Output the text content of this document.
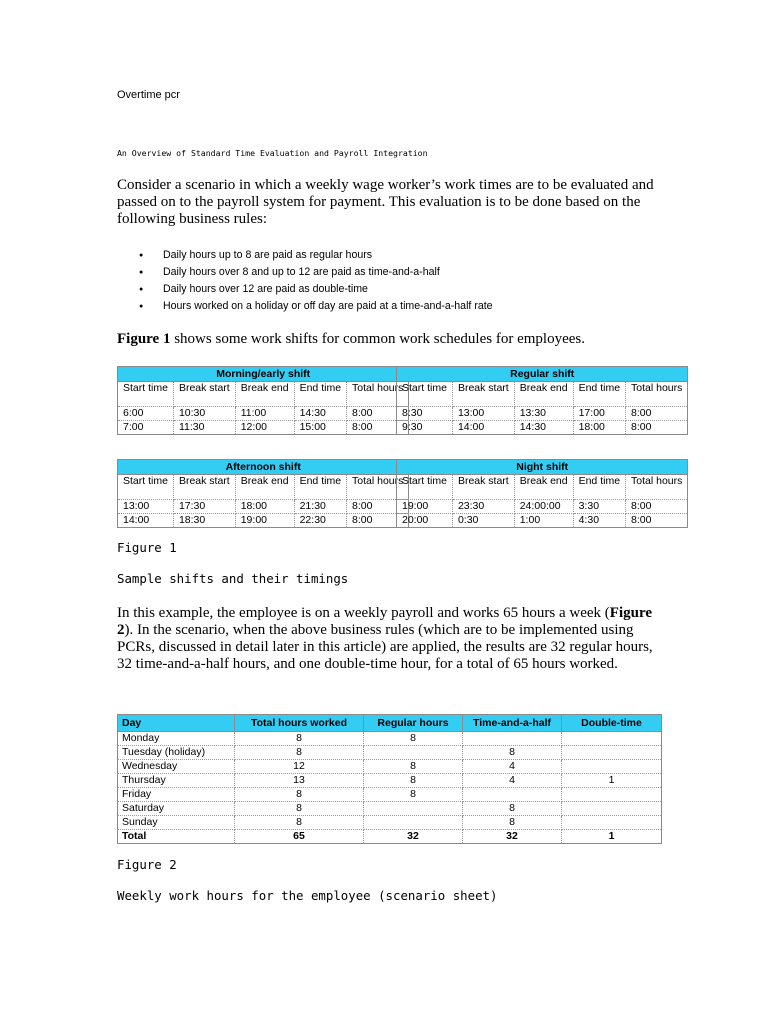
Overtime pcr
An Overview of Standard Time Evaluation and Payroll Integration
Consider a scenario in which a weekly wage worker’s work times are to be evaluated and passed on to the payroll system for payment. This evaluation is to be done based on the following business rules:
● Daily hours up to 8 are paid as regular hours
● Daily hours over 8 and up to 12 are paid as time-and-a-half
● Daily hours over 12 are paid as double-time
● Hours worked on a holiday or off day are paid at a time-and-a-half rate
Figure 1 shows some work shifts for common work schedules for employees.
Morning/early shift				
Start time	Break start	Break end	End time	Total hours
6:00	10:30	11:00	14:30	8:00
7:00	11:30	12:00	15:00	8:00
Regular shift				
Start time	Break start	Break end	End time	Total hours
8:30	13:00	13:30	17:00	8:00
9:30	14:00	14:30	18:00	8:00
Afternoon shift				
Start time	Break start	Break end	End time	Total hours
13:00	17:30	18:00	21:30	8:00
14:00	18:30	19:00	22:30	8:00
Night shift				
Start time	Break start	Break end	End time	Total hours
19:00	23:30	24:00:00	3:30	8:00
20:00	0:30	1:00	4:30	8:00
Figure 1
Sample shifts and their timings
In this example, the employee is on a weekly payroll and works 65 hours a week (Figure 2). In the scenario, when the above business rules (which are to be implemented using PCRs, discussed in detail later in this article) are applied, the results are 32 regular hours, 32 time-and-a-half hours, and one double-time hour, for a total of 65 hours worked.
Day	Total hours worked	Regular hours	Time-and-a-half	Double-time
Monday	8	8		
Tuesday (holiday)	8		8	
Wednesday	12	8	4	
Thursday	13	8	4	1
Friday	8	8		
Saturday	8		8	
Sunday	8		8	
Total	65	32	32	1
Figure 2
Weekly work hours for the employee (scenario sheet)
